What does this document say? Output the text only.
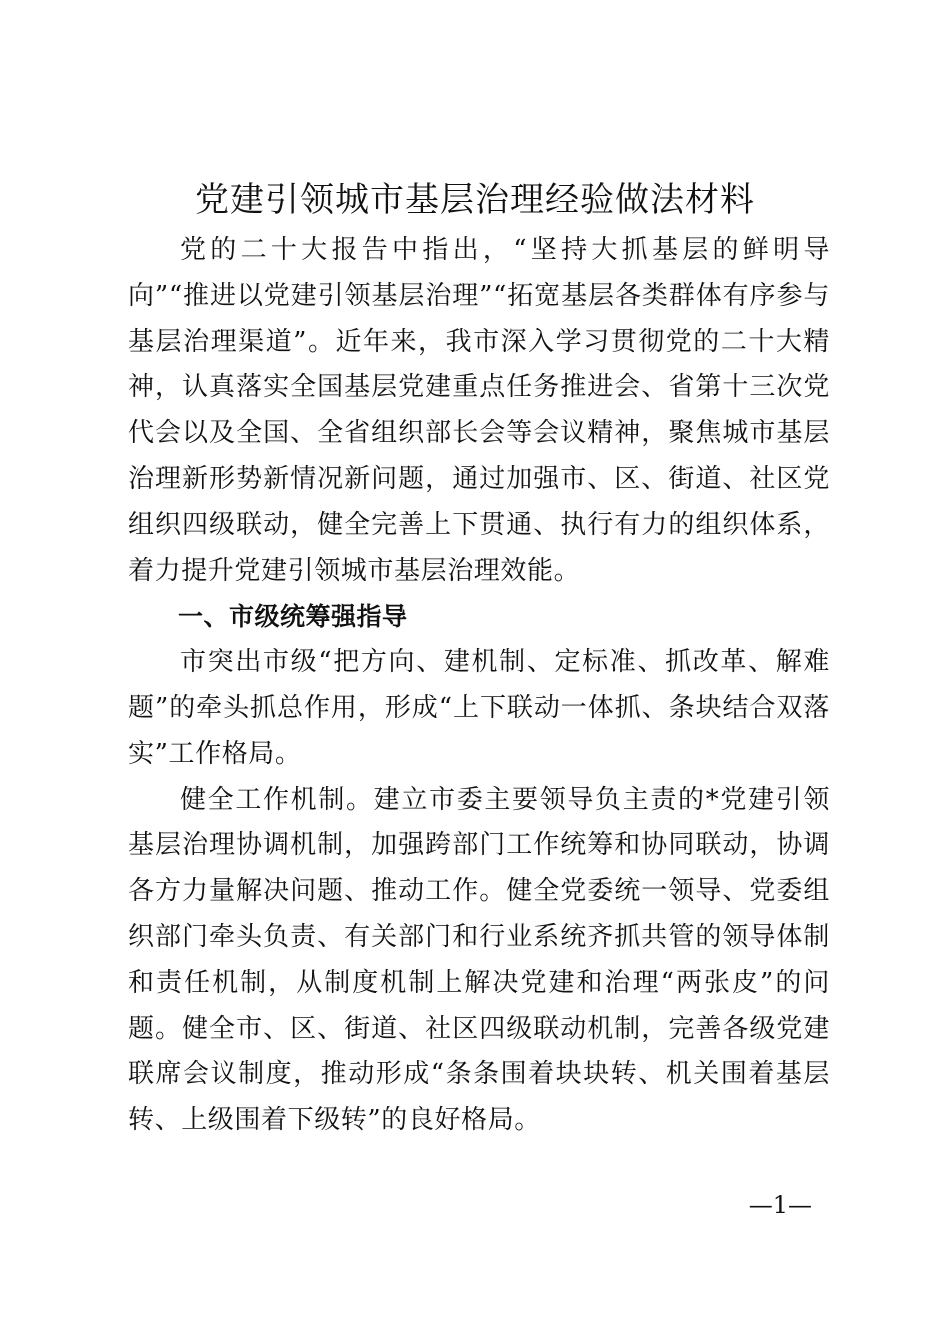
党建引领城市基层治理经验做法材料

党的二十大报告中指出，“坚持大抓基层的鲜明导向”“推进以党建引领基层治理”“拓宽基层各类群体有序参与基层治理渠道”。近年来，我市深入学习贯彻党的二十大精神，认真落实全国基层党建重点任务推进会、省第十三次党代会以及全国、全省组织部长会等会议精神，聚焦城市基层治理新形势新情况新问题，通过加强市、区、街道、社区党组织四级联动，健全完善上下贯通、执行有力的组织体系，着力提升党建引领城市基层治理效能。

一、市级统筹强指导

市突出市级“把方向、建机制、定标准、抓改革、解难题”的牵头抓总作用，形成“上下联动一体抓、条块结合双落实”工作格局。

健全工作机制。建立市委主要领导负主责的*党建引领基层治理协调机制，加强跨部门工作统筹和协同联动，协调各方力量解决问题、推动工作。健全党委统一领导、党委组织部门牵头负责、有关部门和行业系统齐抓共管的领导体制和责任机制，从制度机制上解决党建和治理“两张皮”的问题。健全市、区、街道、社区四级联动机制，完善各级党建联席会议制度，推动形成“条条围着块块转、机关围着基层转、上级围着下级转”的良好格局。

—1—
